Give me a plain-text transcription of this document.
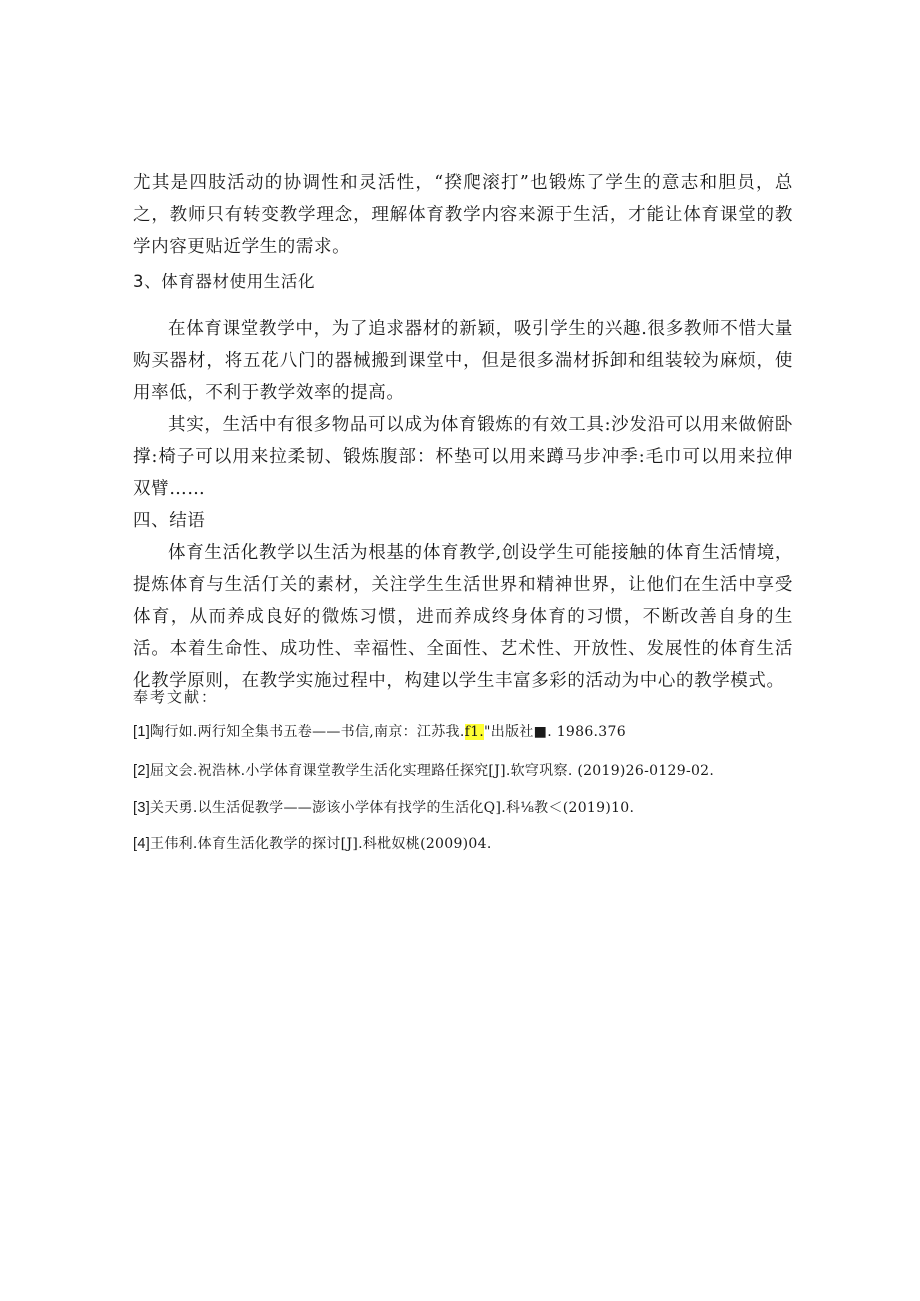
尤其是四肢活动的协调性和灵活性，“揆爬滚打”也锻炼了学生的意志和胆员，总之，教师只有转变教学理念，理解体育教学内容来源于生活，才能让体育课堂的教学内容更贴近学生的需求。

3、体育器材使用生活化

在体育课堂教学中，为了追求器材的新颖，吸引学生的兴趣.很多教师不惜大量购买器材，将五花八门的器械搬到课堂中，但是很多湍材拆卸和组装较为麻烦，使用率低，不利于教学效率的提高。

其实，生活中有很多物品可以成为体育锻炼的有效工具:沙发沿可以用来做俯卧撑:椅子可以用来拉柔韧、锻炼腹部：杯垫可以用来蹲马步冲季:毛巾可以用来拉伸双臂……

四、结语

体育生活化教学以生活为根基的体育教学,创设学生可能接触的体育生活情境，提炼体育与生活仃关的素材，关注学生生活世界和精神世界，让他们在生活中享受体育，从而养成良好的微炼习惯，进而养成终身体育的习惯，不断改善自身的生活。本着生命性、成功性、幸福性、全面性、艺术性、开放性、发展性的体育生活化教学原则，在教学实施过程中，构建以学生丰富多彩的活动为中心的教学模式。

奉考文献：

[1]陶行如.两行知全集书五卷——书信,南京：江苏我.f1."出版社■. 1986.376

[2]屈文会.祝浩林.小学体育课堂教学生活化实理路任探究[J].软穹巩察. (2019)26-0129-02.

[3]关天勇.以生活促教学——澎该小学体有找学的生活化Q].科⅛教＜(2019)10.

[4]王伟利.体育生活化教学的探讨[J].科枇奴桃(2009)04.
